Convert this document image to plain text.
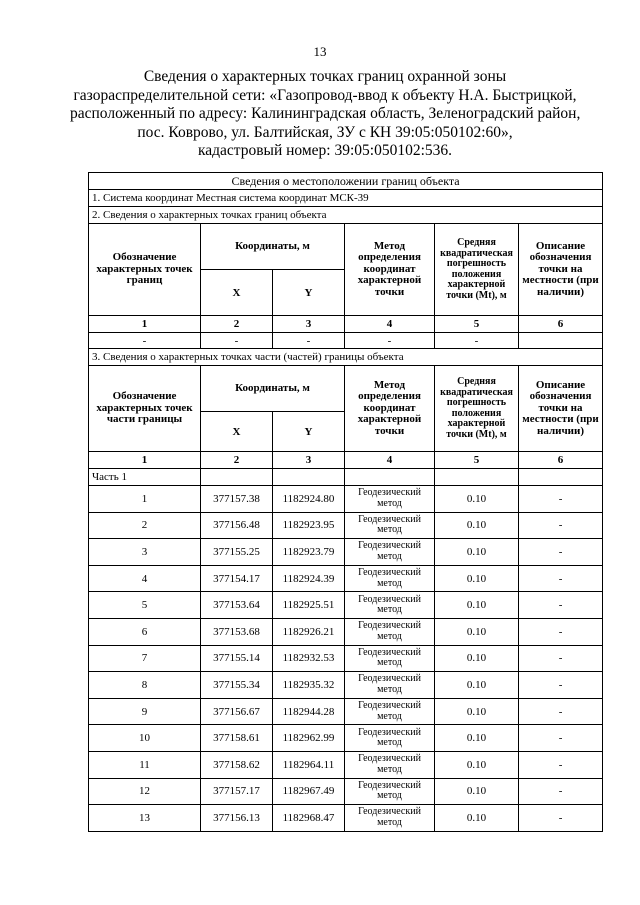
13
Сведения о характерных точках границ охранной зоны
газораспределительной сети: «Газопровод-ввод к объекту Н.А. Быстрицкой,
расположенный по адресу: Калининградская область, Зеленоградский район,
пос. Коврово, ул. Балтийская, ЗУ с КН 39:05:050102:60»,
кадастровый номер: 39:05:050102:536.
Сведения о местоположении границ объекта					
1. Система координат Местная система координат МСК-39					
2. Сведения о характерных точках границ объекта					
Обозначение характерных точек границ	Координаты, м		Метод определения координат характерной точки	Средняя квадратическая погрешность положения характерной точки (Mt), м	Описание обозначения точки на местности (при наличии)
	X	Y			
1	2	3	4	5	6
-	-	-	-	-	
3. Сведения о характерных точках части (частей) границы объекта					
Обозначение характерных точек части границы	Координаты, м		Метод определения координат характерной точки	Средняя квадратическая погрешность положения характерной точки (Mt), м	Описание обозначения точки на местности (при наличии)
	X	Y			
1	2	3	4	5	6
Часть 1					
1	377157.38	1182924.80	Геодезический метод	0.10	-
2	377156.48	1182923.95	Геодезический метод	0.10	-
3	377155.25	1182923.79	Геодезический метод	0.10	-
4	377154.17	1182924.39	Геодезический метод	0.10	-
5	377153.64	1182925.51	Геодезический метод	0.10	-
6	377153.68	1182926.21	Геодезический метод	0.10	-
7	377155.14	1182932.53	Геодезический метод	0.10	-
8	377155.34	1182935.32	Геодезический метод	0.10	-
9	377156.67	1182944.28	Геодезический метод	0.10	-
10	377158.61	1182962.99	Геодезический метод	0.10	-
11	377158.62	1182964.11	Геодезический метод	0.10	-
12	377157.17	1182967.49	Геодезический метод	0.10	-
13	377156.13	1182968.47	Геодезический метод	0.10	-
